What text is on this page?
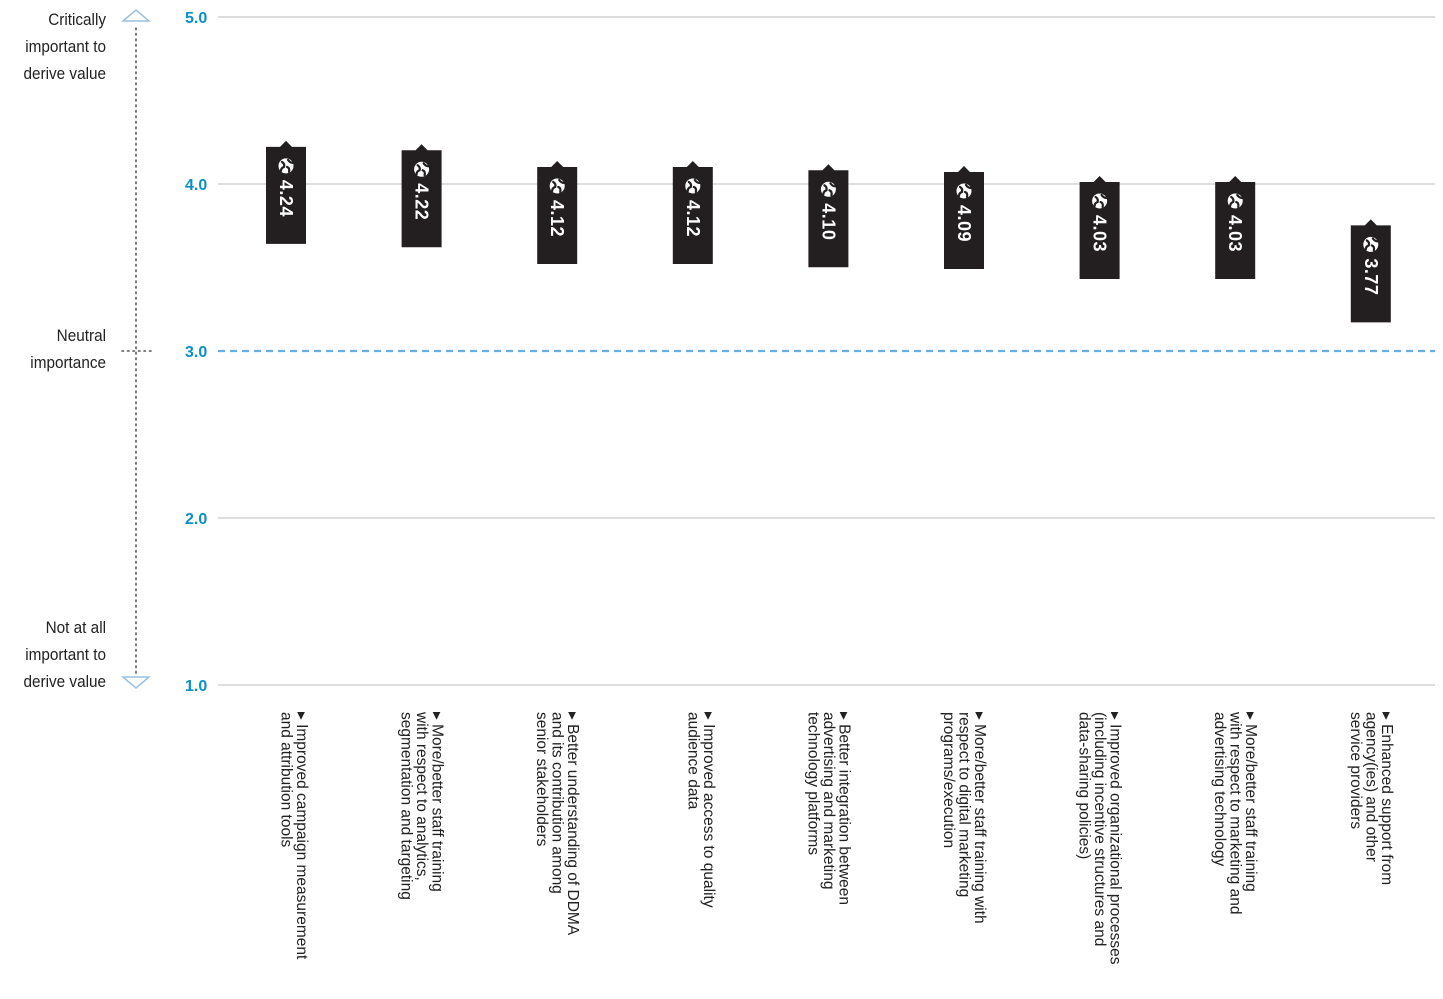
Critically
important to
derive value
Neutral
importance
Not at all
important to
derive value	1.0
2.0
3.0
4.0
5.0
4.24	4.22	4.12	4.12	4.10	4.09	4.03	4.03
3.77
▸ Improved campaign measurement
and attribution tools	▸ More/better staff training
with respect to analytics,
segmentation and targeting	▸ Better understanding of DDMA
and its contribution among
senior stakeholders	▸ Improved access to quality
audience data	▸ Better integration between
advertising and marketing
technology platforms	▸ More/better staff training with
respect to digital marketing
programs/execution	▸ Improved organizational processes
(including incentive structures and
data-sharing policies)	▸ More/better staff training
with respect to marketing and
advertising technology	▸ Enhanced support from
agency(ies) and other
service providers
